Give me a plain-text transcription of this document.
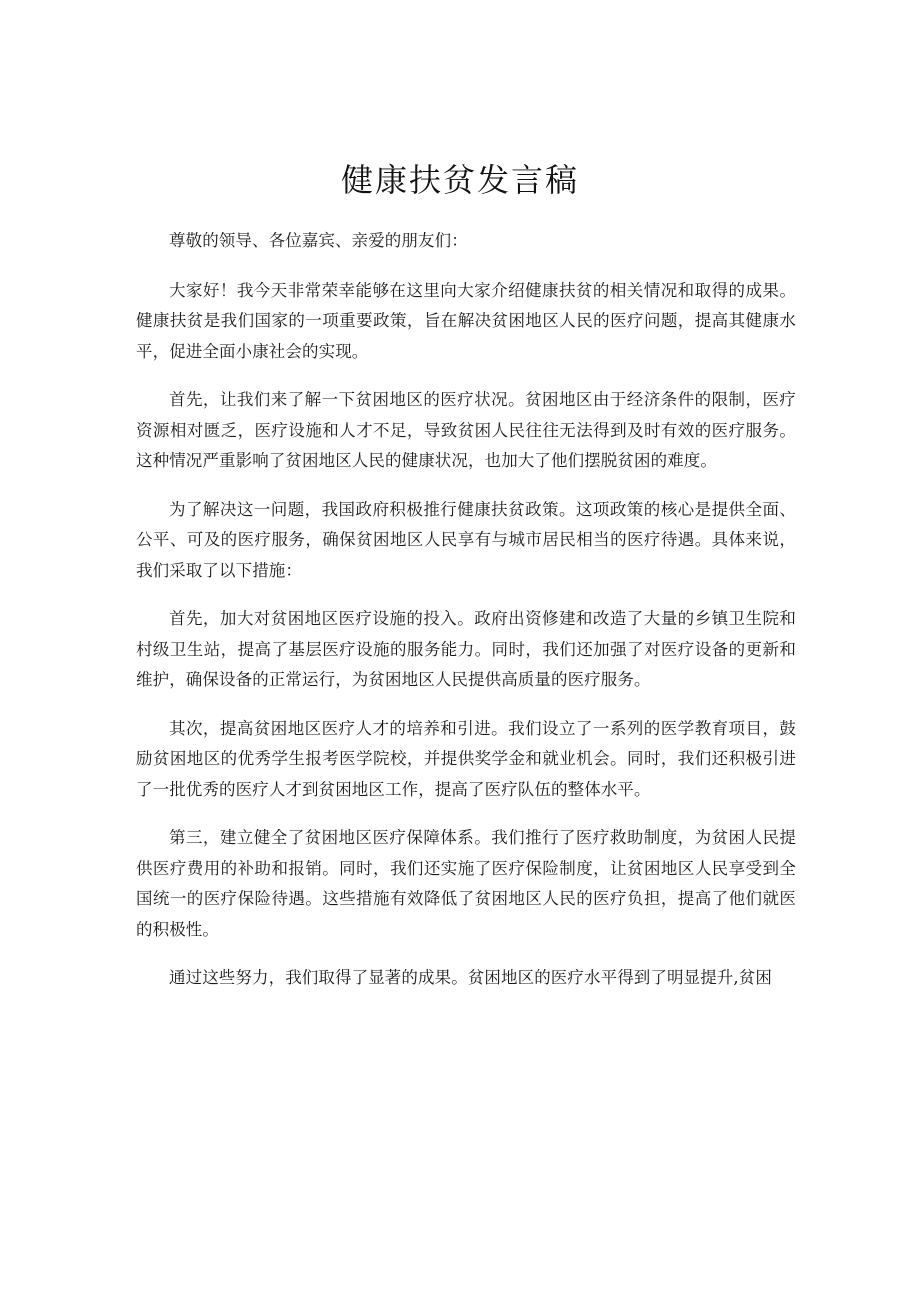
健康扶贫发言稿

尊敬的领导、各位嘉宾、亲爱的朋友们：

大家好！我今天非常荣幸能够在这里向大家介绍健康扶贫的相关情况和取得的成果。健康扶贫是我们国家的一项重要政策，旨在解决贫困地区人民的医疗问题，提高其健康水平，促进全面小康社会的实现。

首先，让我们来了解一下贫困地区的医疗状况。贫困地区由于经济条件的限制，医疗资源相对匮乏，医疗设施和人才不足，导致贫困人民往往无法得到及时有效的医疗服务。这种情况严重影响了贫困地区人民的健康状况，也加大了他们摆脱贫困的难度。

为了解决这一问题，我国政府积极推行健康扶贫政策。这项政策的核心是提供全面、公平、可及的医疗服务，确保贫困地区人民享有与城市居民相当的医疗待遇。具体来说，我们采取了以下措施：

首先，加大对贫困地区医疗设施的投入。政府出资修建和改造了大量的乡镇卫生院和村级卫生站，提高了基层医疗设施的服务能力。同时，我们还加强了对医疗设备的更新和维护，确保设备的正常运行，为贫困地区人民提供高质量的医疗服务。

其次，提高贫困地区医疗人才的培养和引进。我们设立了一系列的医学教育项目，鼓励贫困地区的优秀学生报考医学院校，并提供奖学金和就业机会。同时，我们还积极引进了一批优秀的医疗人才到贫困地区工作，提高了医疗队伍的整体水平。

第三，建立健全了贫困地区医疗保障体系。我们推行了医疗救助制度，为贫困人民提供医疗费用的补助和报销。同时，我们还实施了医疗保险制度，让贫困地区人民享受到全国统一的医疗保险待遇。这些措施有效降低了贫困地区人民的医疗负担，提高了他们就医的积极性。

通过这些努力，我们取得了显著的成果。贫困地区的医疗水平得到了明显提升,贫困
